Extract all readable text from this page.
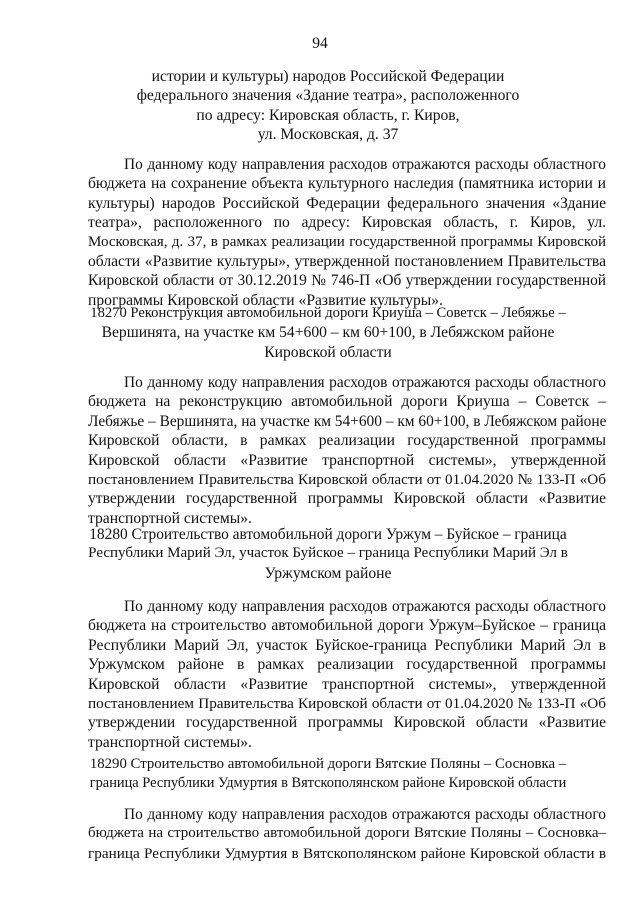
94
истории и культуры) народов Российской Федерации
федерального значения «Здание театра», расположенного
по адресу: Кировская область, г. Киров,
ул. Московская, д. 37
По данному коду направления расходов отражаются расходы областного
бюджета на сохранение объекта культурного наследия (памятника истории и
культуры) народов Российской Федерации федерального значения «Здание
театра», расположенного по адресу: Кировская область, г. Киров, ул.
Московская, д. 37, в рамках реализации государственной программы Кировской
области «Развитие культуры», утвержденной постановлением Правительства
Кировской области от 30.12.2019 № 746-П «Об утверждении государственной
программы Кировской области «Развитие культуры».
18270 Реконструкция автомобильной дороги Криуша – Советск – Лебяжье –
Вершинята, на участке км 54+600 – км 60+100, в Лебяжском районе
Кировской области
По данному коду направления расходов отражаются расходы областного
бюджета на реконструкцию автомобильной дороги Криуша – Советск –
Лебяжье – Вершинята, на участке км 54+600 – км 60+100, в Лебяжском районе
Кировской области, в рамках реализации государственной программы
Кировской области «Развитие транспортной системы», утвержденной
постановлением Правительства Кировской области от 01.04.2020 № 133-П «Об
утверждении государственной программы Кировской области «Развитие
транспортной системы».
18280 Строительство автомобильной дороги Уржум – Буйское – граница
Республики Марий Эл, участок Буйское – граница Республики Марий Эл в
Уржумском районе
По данному коду направления расходов отражаются расходы областного
бюджета на строительство автомобильной дороги Уржум–Буйское – граница
Республики Марий Эл, участок Буйское-граница Республики Марий Эл в
Уржумском районе в рамках реализации государственной программы
Кировской области «Развитие транспортной системы», утвержденной
постановлением Правительства Кировской области от 01.04.2020 № 133-П «Об
утверждении государственной программы Кировской области «Развитие
транспортной системы».
18290 Строительство автомобильной дороги Вятские Поляны – Сосновка –
граница Республики Удмуртия в Вятскополянском районе Кировской области
По данному коду направления расходов отражаются расходы областного
бюджета на строительство автомобильной дороги Вятские Поляны – Сосновка–
граница Республики Удмуртия в Вятскополянском районе Кировской области в
